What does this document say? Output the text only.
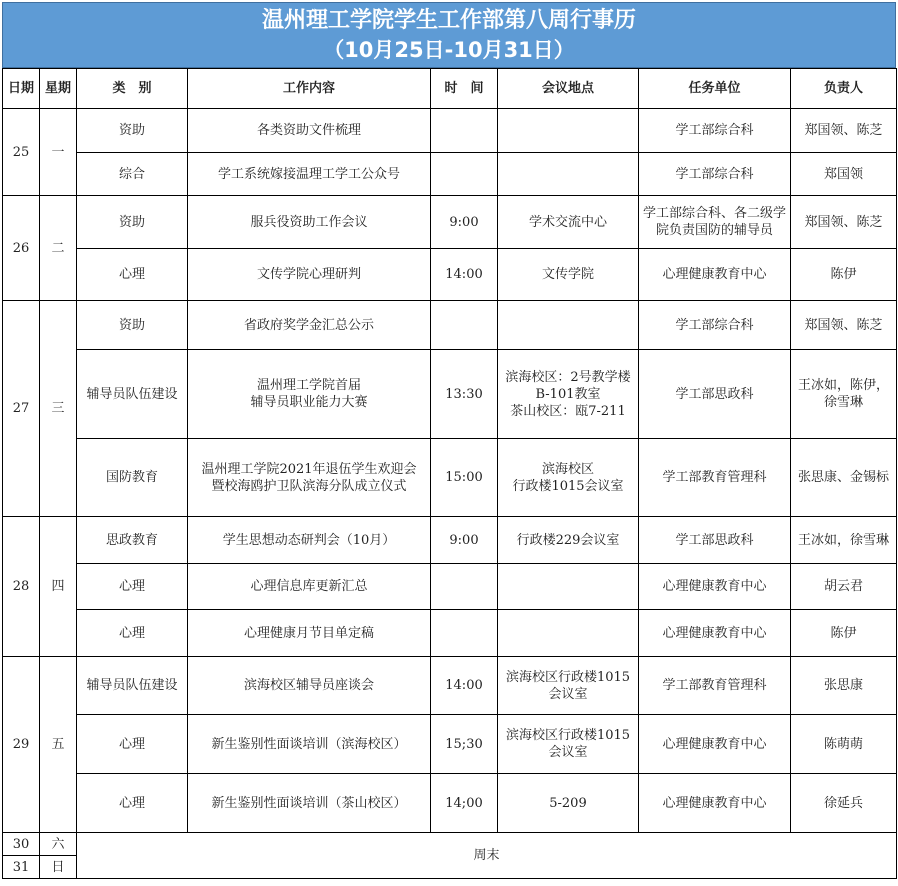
温州理工学院学生工作部第八周行事历
（10月25日-10月31日）
日期	星期	类　别	工作内容	时　间	会议地点	任务单位	负责人
25	一	资助	各类资助文件梳理			学工部综合科	郑国领、陈芝
		综合	学工系统嫁接温理工学工公众号			学工部综合科	郑国领
26	二	资助	服兵役资助工作会议	9:00	学术交流中心	学工部综合科、各二级学院负责国防的辅导员	郑国领、陈芝
		心理	文传学院心理研判	14:00	文传学院	心理健康教育中心	陈伊
27	三	资助	省政府奖学金汇总公示			学工部综合科	郑国领、陈芝
		辅导员队伍建设	温州理工学院首届
辅导员职业能力大赛	13:30	滨海校区：2号教学楼
B-101教室
茶山校区：瓯7-211	学工部思政科	王冰如，陈伊，徐雪琳
		国防教育	温州理工学院2021年退伍学生欢迎会
暨校海鸥护卫队滨海分队成立仪式	15:00	滨海校区
行政楼1015会议室	学工部教育管理科	张思康、金锡标
28	四	思政教育	学生思想动态研判会（10月）	9:00	行政楼229会议室	学工部思政科	王冰如，徐雪琳
		心理	心理信息库更新汇总			心理健康教育中心	胡云君
		心理	心理健康月节目单定稿			心理健康教育中心	陈伊
29	五	辅导员队伍建设	滨海校区辅导员座谈会	14:00	滨海校区行政楼1015会议室	学工部教育管理科	张思康
		心理	新生鉴别性面谈培训（滨海校区）	15;30	滨海校区行政楼1015会议室	心理健康教育中心	陈萌萌
		心理	新生鉴别性面谈培训（茶山校区）	14;00	5-209	心理健康教育中心	徐延兵
30	六	周末					
31	日						
